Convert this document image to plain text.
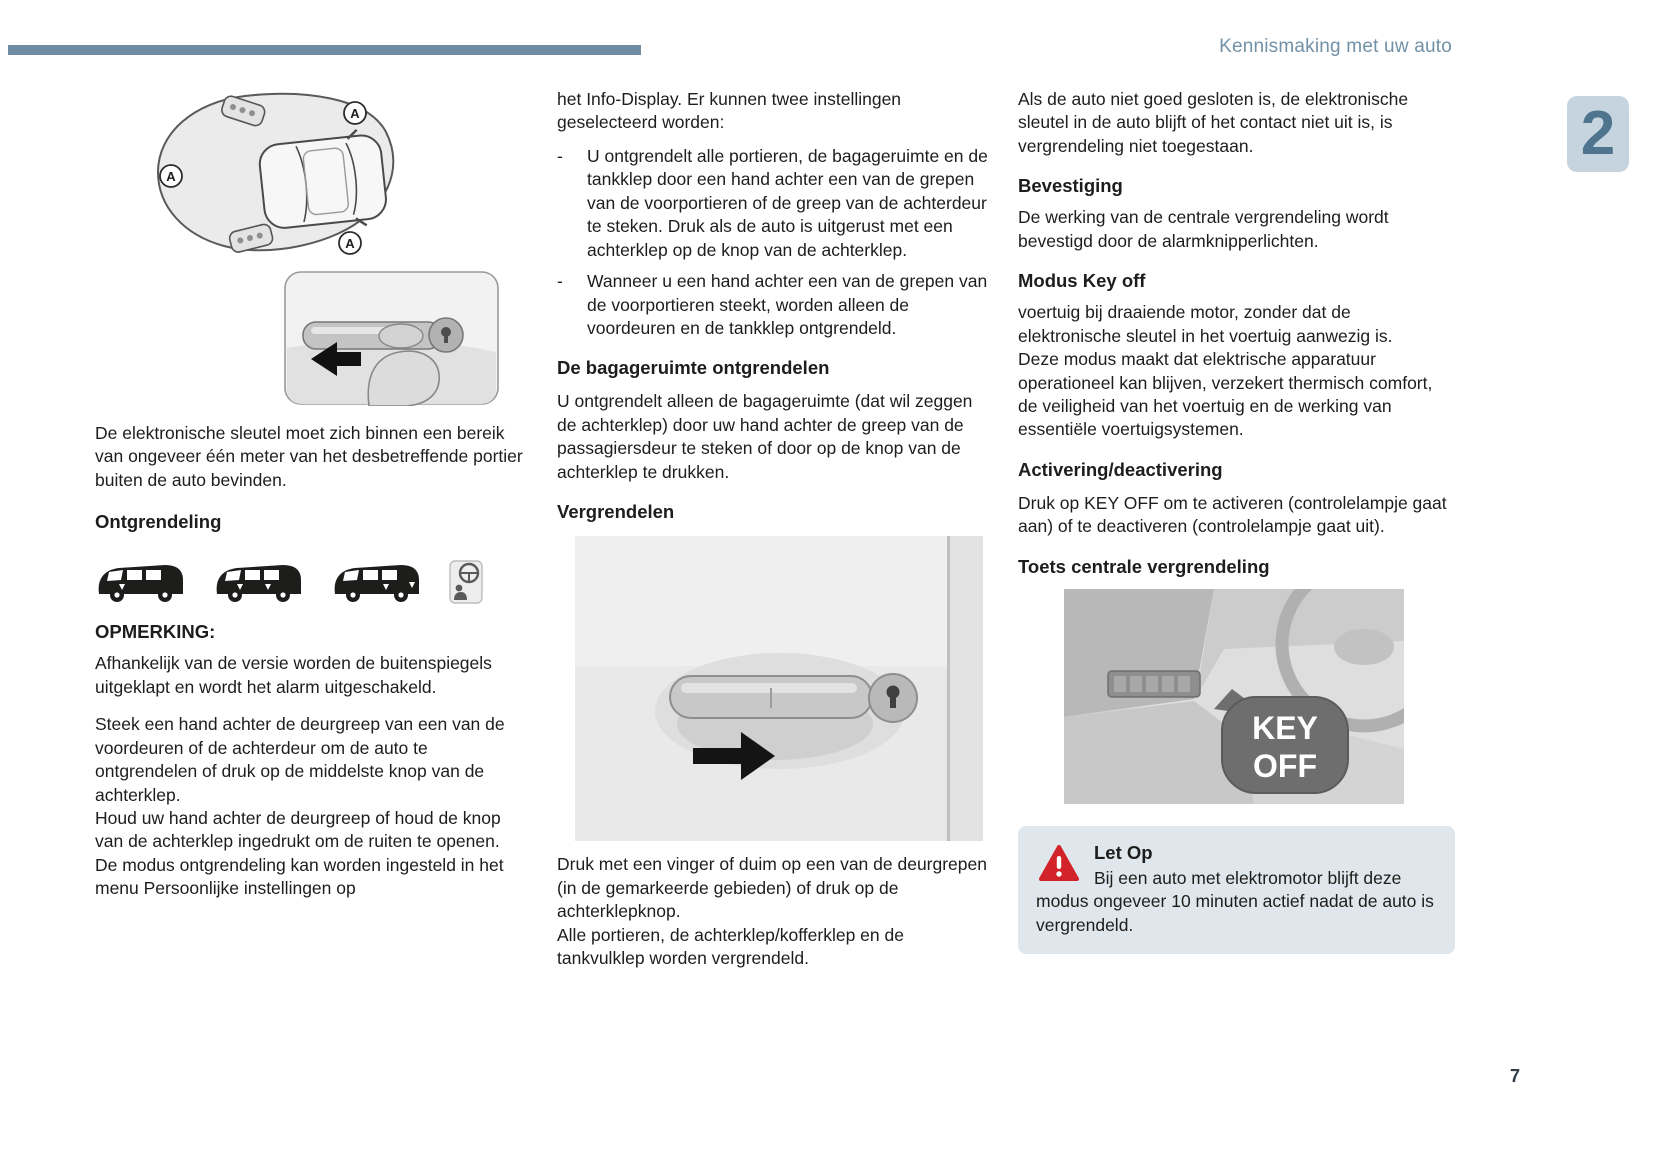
Kennismaking met uw auto
2
A
A
A

De elektronische sleutel moet zich binnen een bereik van ongeveer één meter van het desbetreffende portier buiten de auto bevinden.

Ontgrendeling
OPMERKING:

Afhankelijk van de versie worden de buitenspiegels uitgeklapt en wordt het alarm uitgeschakeld.

Steek een hand achter de deurgreep van een van de voordeuren of de achterdeur om de auto te ontgrendelen of druk op de middelste knop van de achterklep.

Houd uw hand achter de deurgreep of houd de knop van de achterklep ingedrukt om de ruiten te openen.

De modus ontgrendeling kan worden ingesteld in het menu Persoonlijke instellingen op

het Info-Display. Er kunnen twee instellingen geselecteerd worden:

-	U ontgrendelt alle portieren, de bagageruimte en de tankklep door een hand achter een van de grepen van de voorportieren of de greep van de achterdeur te steken. Druk als de auto is uitgerust met een achterklep op de knop van de achterklep.
-	Wanneer u een hand achter een van de grepen van de voorportieren steekt, worden alleen de voordeuren en de tankklep ontgrendeld.
De bagageruimte ontgrendelen

U ontgrendelt alleen de bagageruimte (dat wil zeggen de achterklep) door uw hand achter de greep van de passagiersdeur te steken of door op de knop van de achterklep te drukken.

Vergrendelen

Druk met een vinger of duim op een van de deurgrepen (in de gemarkeerde gebieden) of druk op de achterklepknop.

Alle portieren, de achterklep/kofferklep en de tankvulklep worden vergrendeld.

Als de auto niet goed gesloten is, de elektronische sleutel in de auto blijft of het contact niet uit is, is vergrendeling niet toegestaan.

Bevestiging

De werking van de centrale vergrendeling wordt bevestigd door de alarmknipperlichten.

Modus Key off

voertuig bij draaiende motor, zonder dat de elektronische sleutel in het voertuig aanwezig is.

Deze modus maakt dat elektrische apparatuur operationeel kan blijven, verzekert thermisch comfort, de veiligheid van het voertuig en de werking van essentiële voertuigsystemen.

Activering/deactivering

Druk op KEY OFF om te activeren (controlelampje gaat aan) of te deactiveren (controlelampje gaat uit).

Toets centrale vergrendeling
KEY
OFF
Let Op
Bij een auto met elektromotor blijft deze modus ongeveer 10 minuten actief nadat de auto is vergrendeld.
7
